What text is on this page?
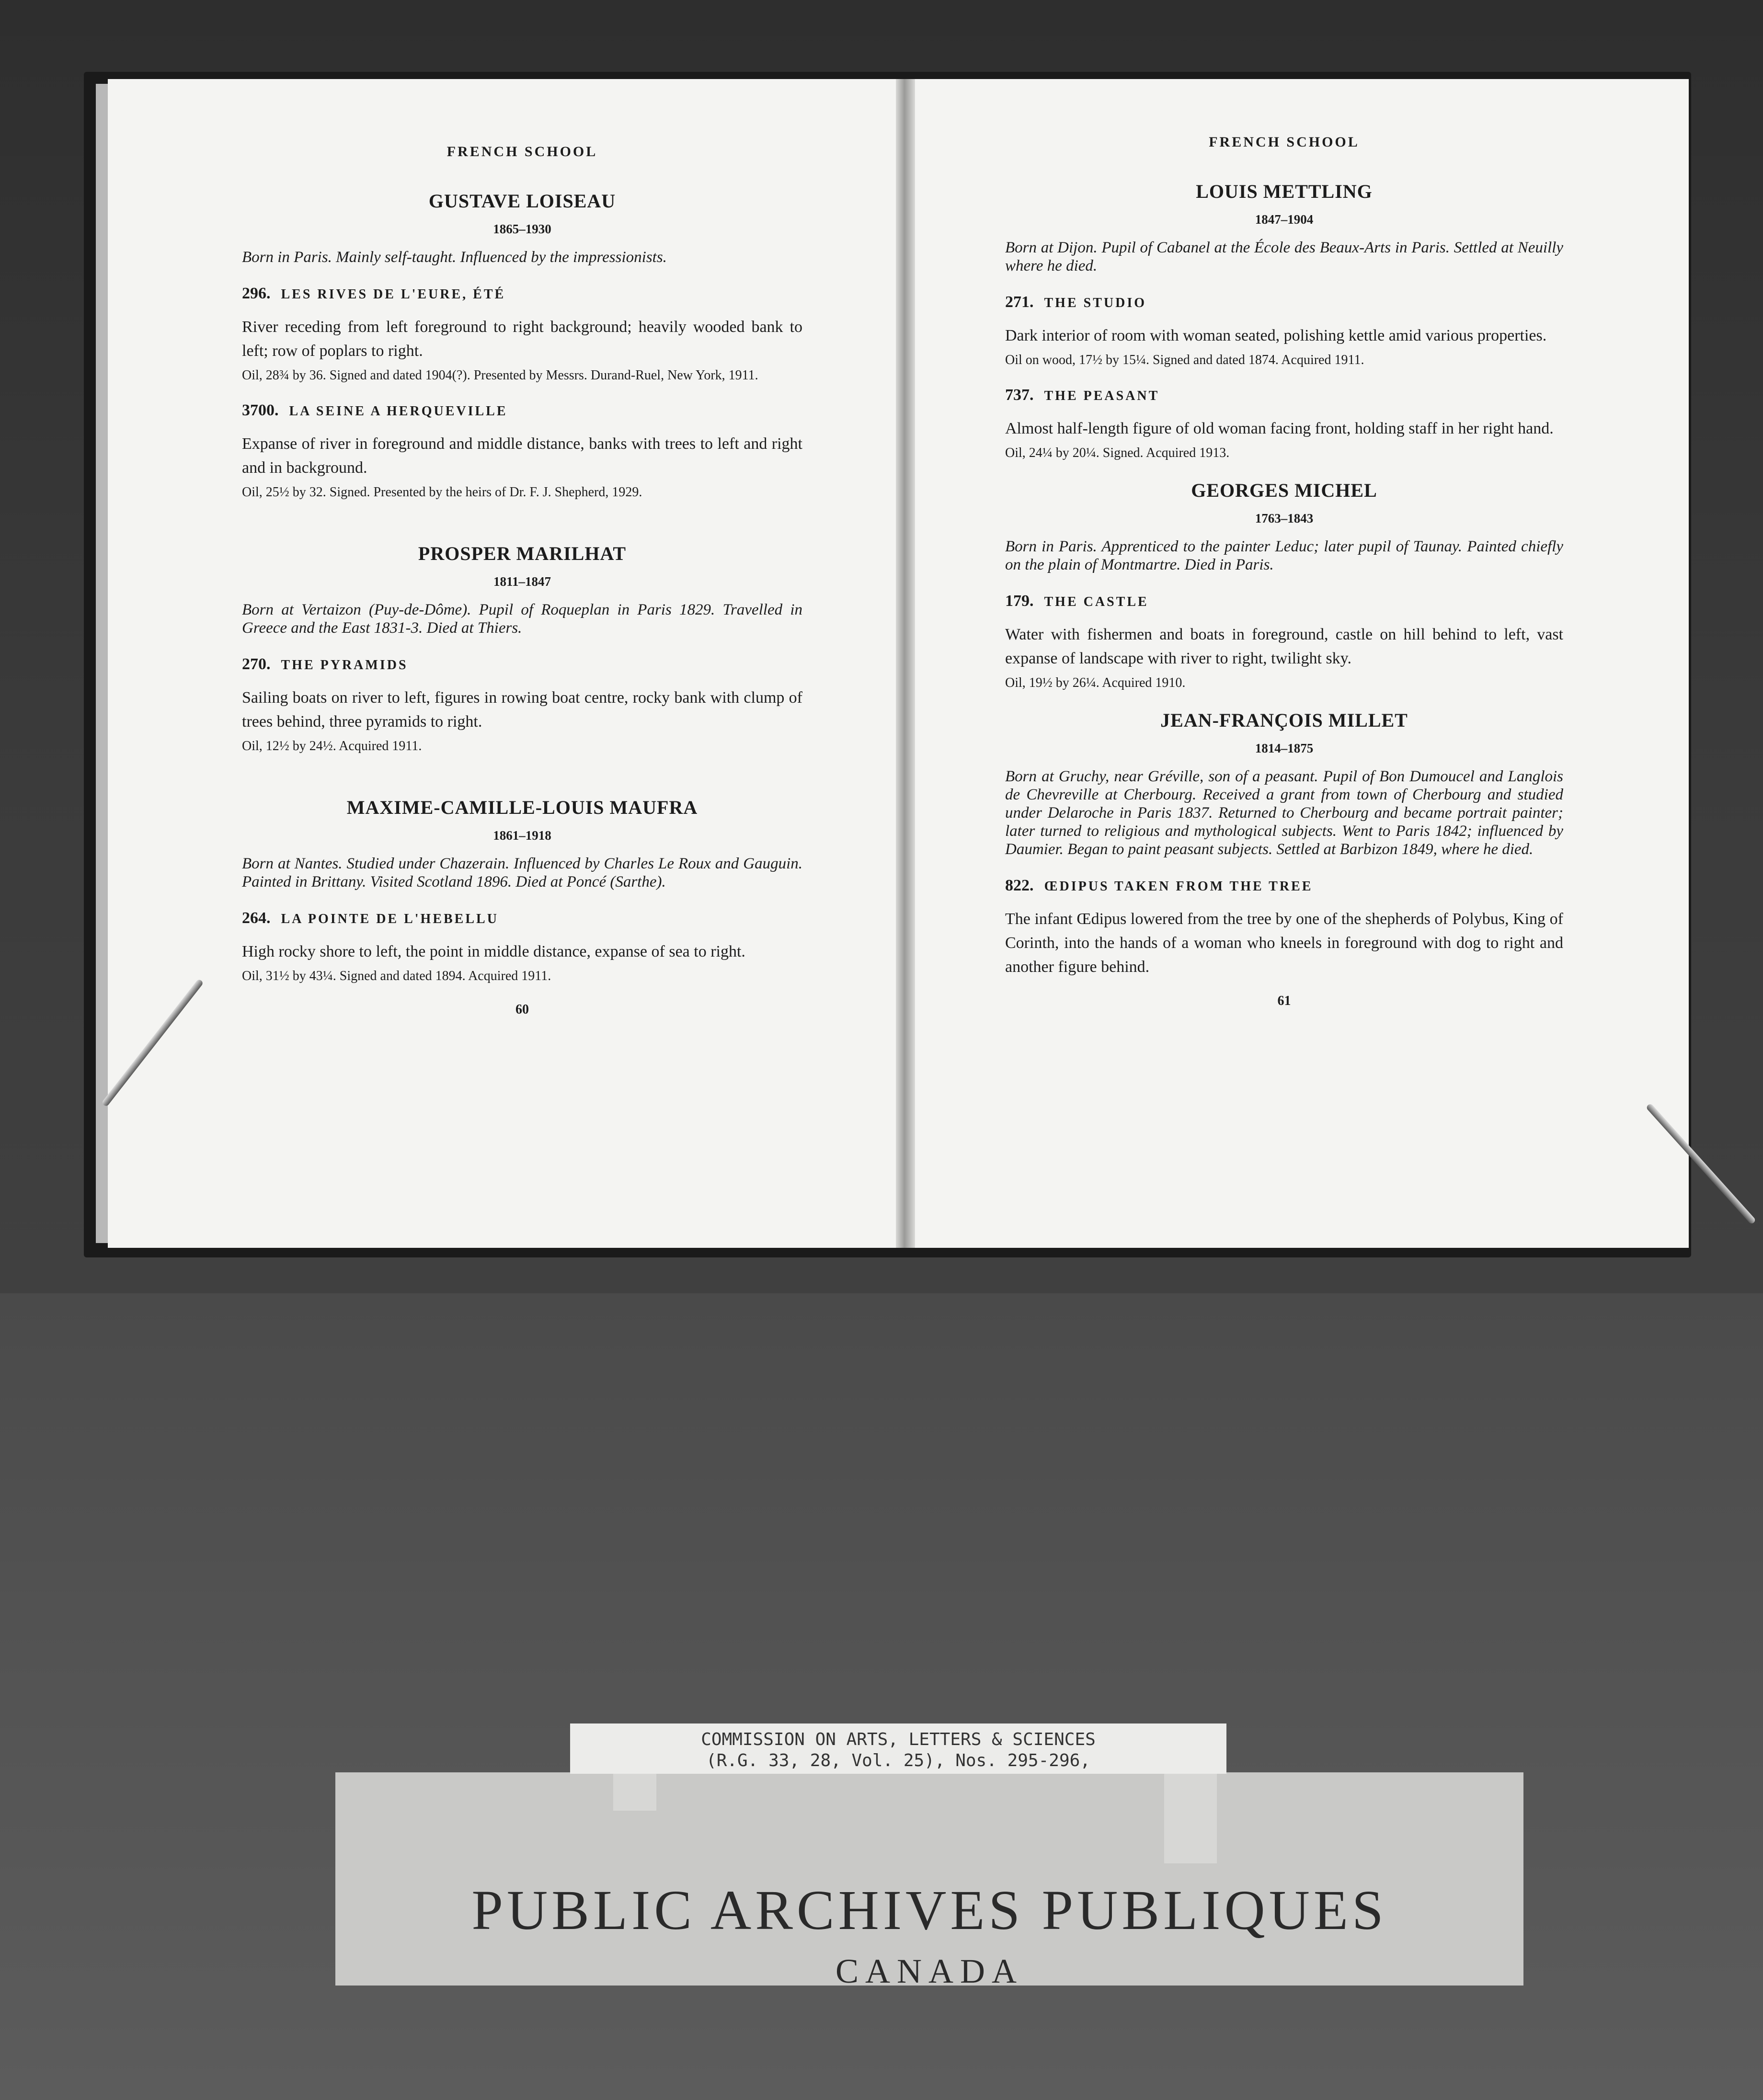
FRENCH SCHOOL
GUSTAVE LOISEAU
1865–1930

Born in Paris. Mainly self-taught. Influenced by the impressionists.

296. LES RIVES DE L'EURE, ÉTÉ

River receding from left foreground to right background; heavily wooded bank to left; row of poplars to right.

Oil, 28¾ by 36. Signed and dated 1904(?). Presented by Messrs. Durand-Ruel, New York, 1911.

3700. LA SEINE A HERQUEVILLE

Expanse of river in foreground and middle distance, banks with trees to left and right and in background.

Oil, 25½ by 32. Signed. Presented by the heirs of Dr. F. J. Shepherd, 1929.

PROSPER MARILHAT
1811–1847

Born at Vertaizon (Puy-de-Dôme). Pupil of Roqueplan in Paris 1829. Travelled in Greece and the East 1831-3. Died at Thiers.

270. THE PYRAMIDS

Sailing boats on river to left, figures in rowing boat centre, rocky bank with clump of trees behind, three pyramids to right.

Oil, 12½ by 24½. Acquired 1911.

MAXIME-CAMILLE-LOUIS MAUFRA
1861–1918

Born at Nantes. Studied under Chazerain. Influenced by Charles Le Roux and Gauguin. Painted in Brittany. Visited Scotland 1896. Died at Poncé (Sarthe).

264. LA POINTE DE L'HEBELLU

High rocky shore to left, the point in middle distance, expanse of sea to right.

Oil, 31½ by 43¼. Signed and dated 1894. Acquired 1911.

60
FRENCH SCHOOL
LOUIS METTLING
1847–1904

Born at Dijon. Pupil of Cabanel at the École des Beaux-Arts in Paris. Settled at Neuilly where he died.

271. THE STUDIO

Dark interior of room with woman seated, polishing kettle amid various properties.

Oil on wood, 17½ by 15¼. Signed and dated 1874. Acquired 1911.

737. THE PEASANT

Almost half-length figure of old woman facing front, holding staff in her right hand.

Oil, 24¼ by 20¼. Signed. Acquired 1913.

GEORGES MICHEL
1763–1843

Born in Paris. Apprenticed to the painter Leduc; later pupil of Taunay. Painted chiefly on the plain of Montmartre. Died in Paris.

179. THE CASTLE

Water with fishermen and boats in foreground, castle on hill behind to left, vast expanse of landscape with river to right, twilight sky.

Oil, 19½ by 26¼. Acquired 1910.

JEAN-FRANÇOIS MILLET
1814–1875

Born at Gruchy, near Gréville, son of a peasant. Pupil of Bon Dumoucel and Langlois de Chevreville at Cherbourg. Received a grant from town of Cherbourg and studied under Delaroche in Paris 1837. Returned to Cherbourg and became portrait painter; later turned to religious and mythological subjects. Went to Paris 1842; influenced by Daumier. Began to paint peasant subjects. Settled at Barbizon 1849, where he died.

822. ŒDIPUS TAKEN FROM THE TREE

The infant Œdipus lowered from the tree by one of the shepherds of Polybus, King of Corinth, into the hands of a woman who kneels in foreground with dog to right and another figure behind.

61
PUBLIC ARCHIVES PUBLIQUES
CANADA
COMMISSION ON ARTS, LETTERS & SCIENCES
(R.G. 33, 28, Vol. 25), Nos. 295-296,
